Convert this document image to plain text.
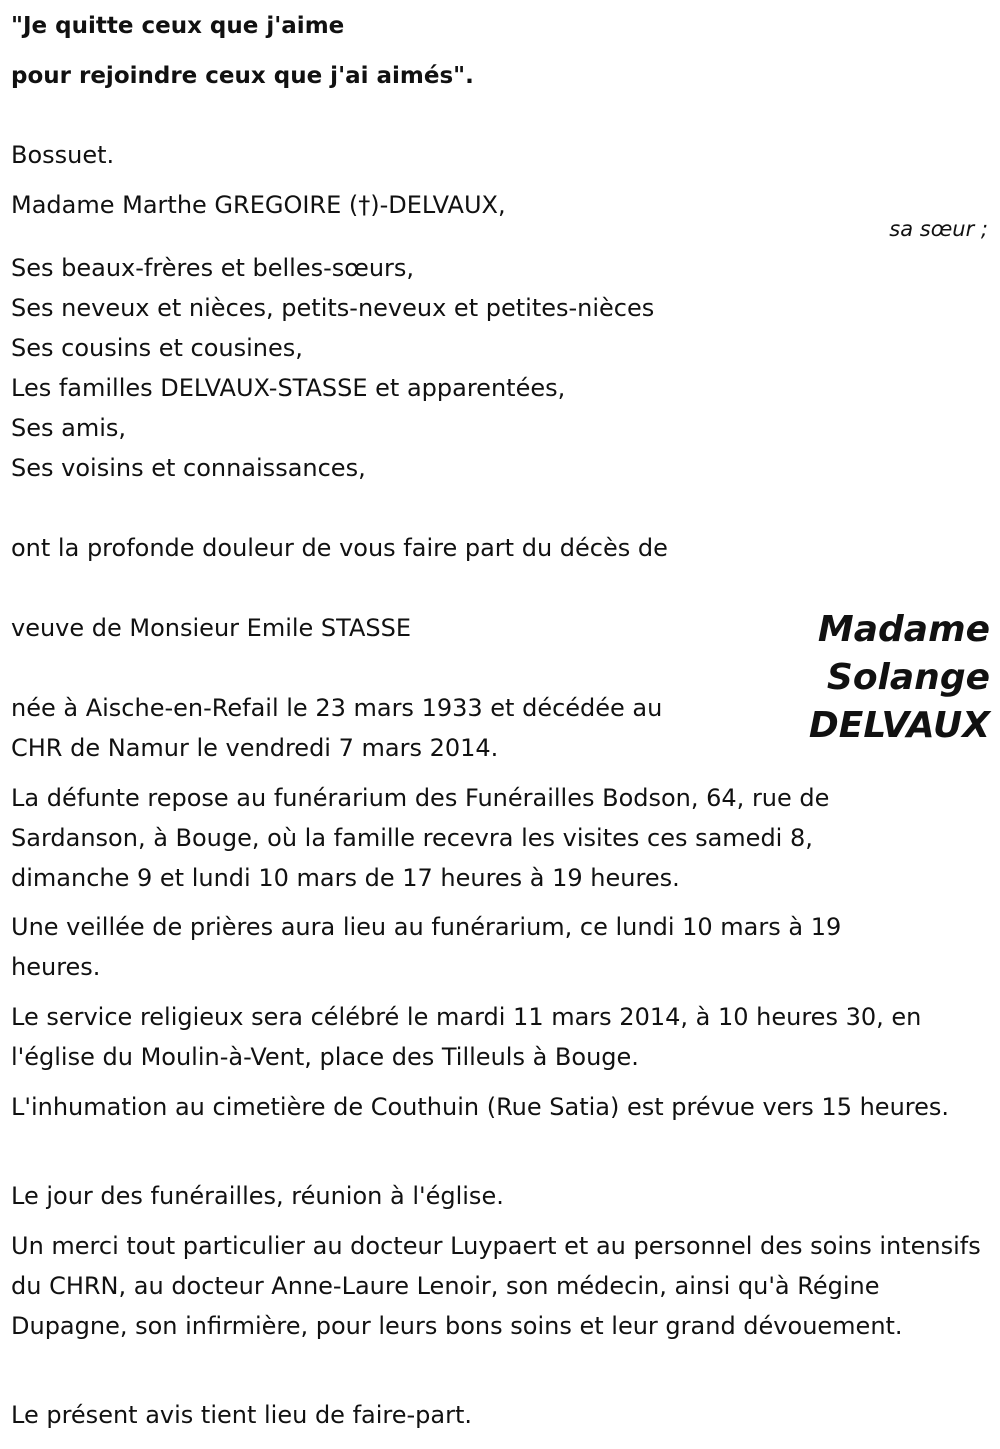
"Je quitte ceux que j'aime

pour rejoindre ceux que j'ai aimés".

Bossuet.

Madame Marthe GREGOIRE (†)-DELVAUX,

sa sœur ;

Ses beaux-frères et belles-sœurs,

Ses neveux et nièces, petits-neveux et petites-nièces

Ses cousins et cousines,

Les familles DELVAUX-STASSE et apparentées,

Ses amis,

Ses voisins et connaissances,

ont la profonde douleur de vous faire part du décès de

Madame
Solange
DELVAUX

veuve de Monsieur Emile STASSE

née à Aische-en-Refail le 23 mars 1933 et décédée au

CHR de Namur le vendredi 7 mars 2014.

La défunte repose au funérarium des Funérailles Bodson, 64, rue de Sardanson, à Bouge, où la famille recevra les visites ces samedi 8, dimanche 9 et lundi 10 mars de 17 heures à 19 heures.

Une veillée de prières aura lieu au funérarium, ce lundi 10 mars à 19 heures.

Le service religieux sera célébré le mardi 11 mars 2014, à 10 heures 30, en l'église du Moulin-à-Vent, place des Tilleuls à Bouge.

L'inhumation au cimetière de Couthuin (Rue Satia) est prévue vers 15 heures.

Le jour des funérailles, réunion à l'église.

Un merci tout particulier au docteur Luypaert et au personnel des soins intensifs du CHRN, au docteur Anne-Laure Lenoir, son médecin, ainsi qu'à Régine Dupagne, son infirmière, pour leurs bons soins et leur grand dévouement.

Le présent avis tient lieu de faire-part.
